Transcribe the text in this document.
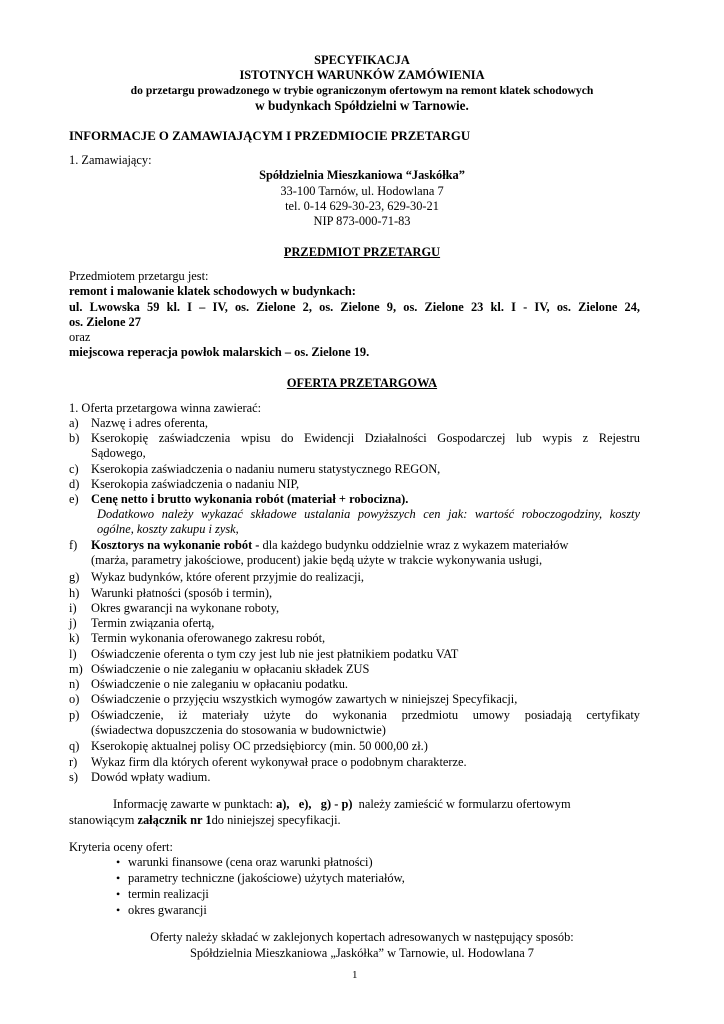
SPECYFIKACJA
ISTOTNYCH WARUNKÓW ZAMÓWIENIA
do przetargu prowadzonego w trybie ograniczonym ofertowym na remont klatek schodowych
w budynkach Spółdzielni w Tarnowie.
INFORMACJE O ZAMAWIAJĄCYM I PRZEDMIOCIE PRZETARGU
1. Zamawiający:
Spółdzielnia Mieszkaniowa “Jaskółka”
33-100 Tarnów, ul. Hodowlana 7
tel. 0-14 629-30-23, 629-30-21
NIP 873-000-71-83
PRZEDMIOT PRZETARGU
Przedmiotem przetargu jest:
remont i malowanie klatek schodowych w budynkach:
ul. Lwowska 59 kl. I – IV, os. Zielone 2, os. Zielone 9, os. Zielone 23 kl. I - IV, os. Zielone 24,
os. Zielone 27
oraz
miejscowa reperacja powłok malarskich – os. Zielone 19.
OFERTA PRZETARGOWA
1. Oferta przetargowa winna zawierać:
a) Nazwę i adres oferenta,
b) Kserokopię zaświadczenia wpisu do Ewidencji Działalności Gospodarczej lub wypis z Rejestru
Sądowego,
c) Kserokopia zaświadczenia o nadaniu numeru statystycznego REGON,
d) Kserokopia zaświadczenia o nadaniu NIP,
e) Cenę netto i brutto wykonania robót (materiał + robocizna).
Dodatkowo należy wykazać składowe ustalania powyższych cen jak: wartość roboczogodziny, koszty
ogólne, koszty zakupu i zysk,
f) Kosztorys na wykonanie robót - dla każdego budynku oddzielnie wraz z wykazem materiałów
(marża, parametry jakościowe, producent) jakie będą użyte w trakcie wykonywania usługi,
g) Wykaz budynków, które oferent przyjmie do realizacji,
h) Warunki płatności (sposób i termin),
i) Okres gwarancji na wykonane roboty,
j) Termin związania ofertą,
k) Termin wykonania oferowanego zakresu robót,
l) Oświadczenie oferenta o tym czy jest lub nie jest płatnikiem podatku VAT
m) Oświadczenie o nie zaleganiu w opłacaniu składek ZUS
n) Oświadczenie o nie zaleganiu w opłacaniu podatku.
o) Oświadczenie o przyjęciu wszystkich wymogów zawartych w niniejszej Specyfikacji,
p) Oświadczenie, iż materiały użyte do wykonania przedmiotu umowy posiadają certyfikaty
(świadectwa dopuszczenia do stosowania w budownictwie)
q) Kserokopię aktualnej polisy OC przedsiębiorcy (min. 50 000,00 zł.)
r) Wykaz firm dla których oferent wykonywał prace o podobnym charakterze.
s) Dowód wpłaty wadium.
Informację zawarte w punktach: a),   e),   g) - p)  należy zamieścić w formularzu ofertowym
stanowiącym załącznik nr 1do niniejszej specyfikacji.
Kryteria oceny ofert:
• warunki finansowe (cena oraz warunki płatności)
• parametry techniczne (jakościowe) użytych materiałów,
• termin realizacji
• okres gwarancji
Oferty należy składać w zaklejonych kopertach adresowanych w następujący sposób:
Spółdzielnia Mieszkaniowa „Jaskółka” w Tarnowie, ul. Hodowlana 7
1
